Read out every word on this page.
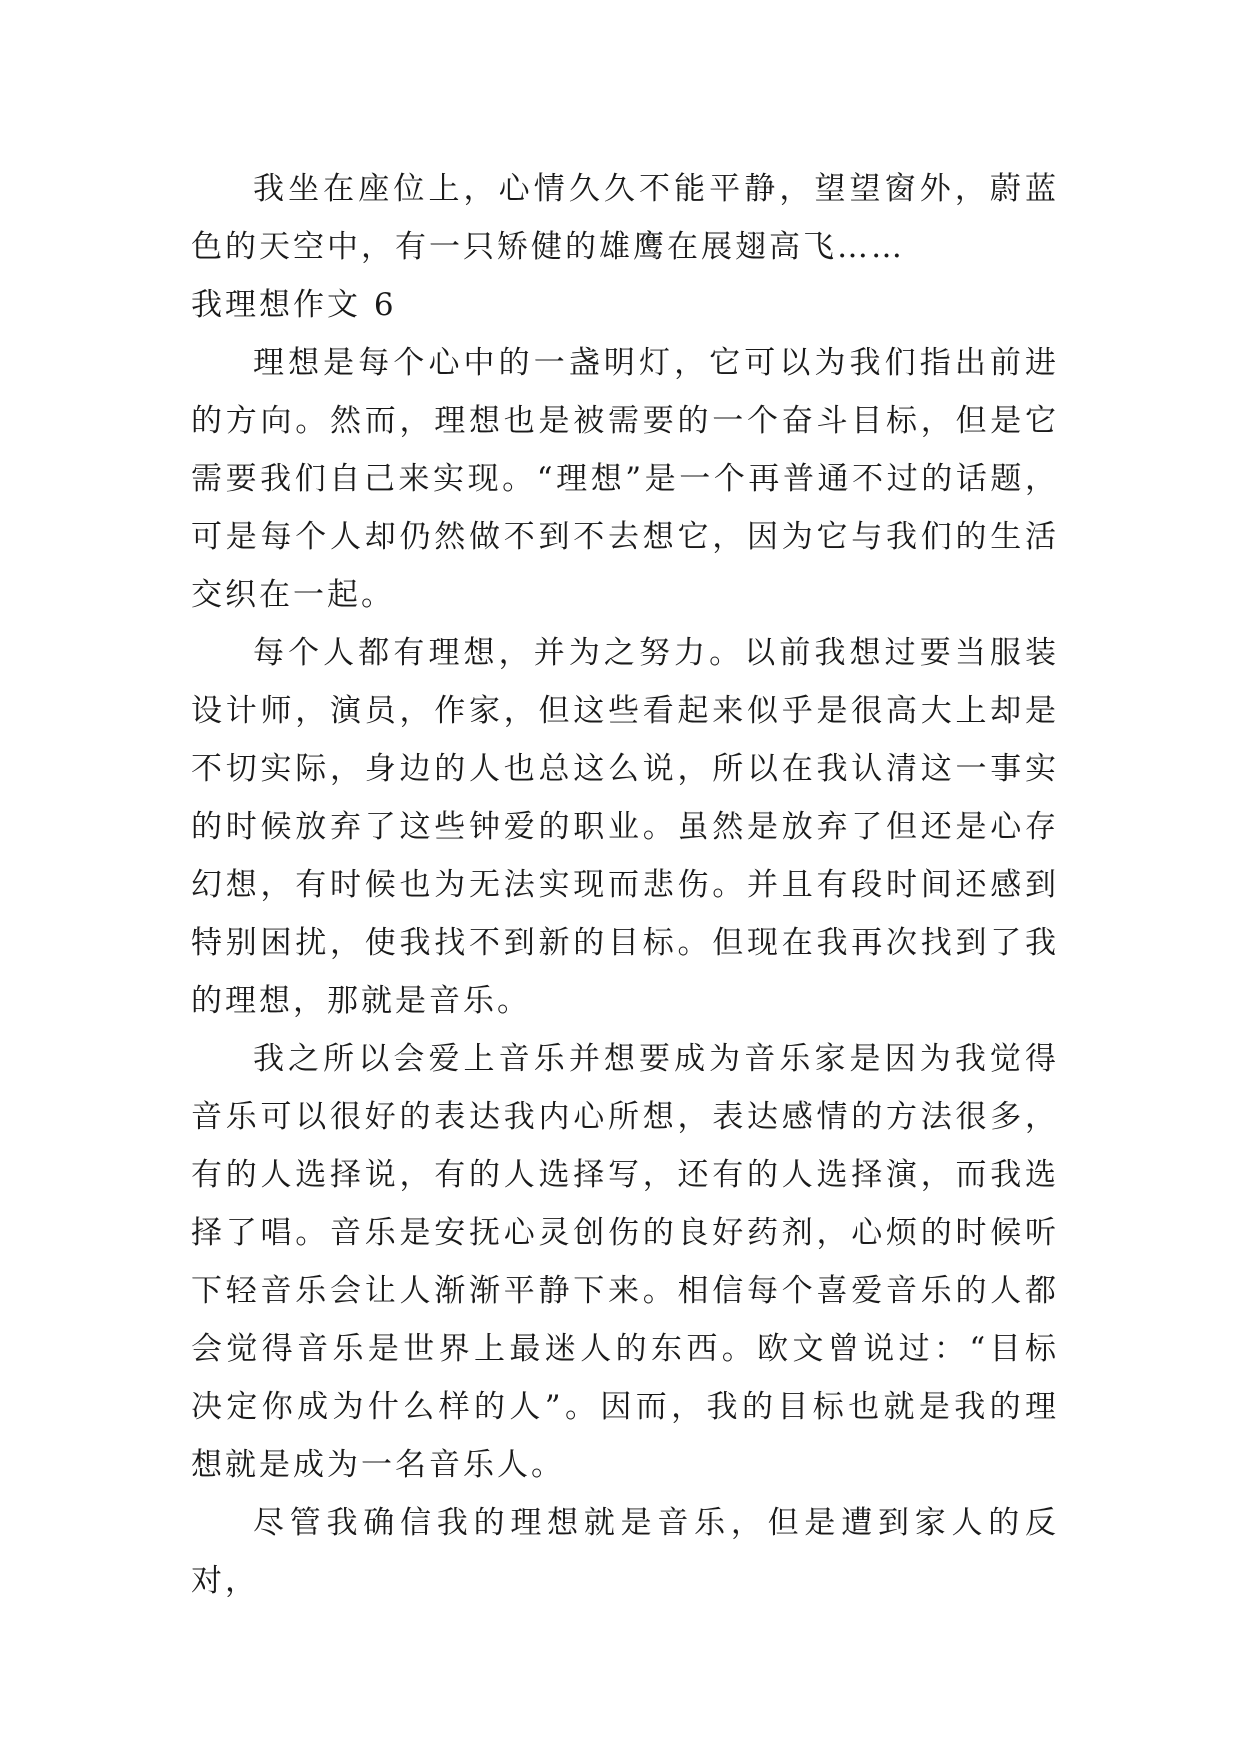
我坐在座位上，心情久久不能平静，望望窗外，蔚蓝色的天空中，有一只矫健的雄鹰在展翅高飞……

我理想作文 6

理想是每个心中的一盏明灯，它可以为我们指出前进的方向。然而，理想也是被需要的一个奋斗目标，但是它需要我们自己来实现。“理想”是一个再普通不过的话题，可是每个人却仍然做不到不去想它，因为它与我们的生活交织在一起。

每个人都有理想，并为之努力。以前我想过要当服装设计师，演员，作家，但这些看起来似乎是很高大上却是不切实际，身边的人也总这么说，所以在我认清这一事实的时候放弃了这些钟爱的职业。虽然是放弃了但还是心存幻想，有时候也为无法实现而悲伤。并且有段时间还感到特别困扰，使我找不到新的目标。但现在我再次找到了我的理想，那就是音乐。

我之所以会爱上音乐并想要成为音乐家是因为我觉得音乐可以很好的表达我内心所想，表达感情的方法很多，有的人选择说，有的人选择写，还有的人选择演，而我选择了唱。音乐是安抚心灵创伤的良好药剂，心烦的时候听下轻音乐会让人渐渐平静下来。相信每个喜爱音乐的人都会觉得音乐是世界上最迷人的东西。欧文曾说过：“目标决定你成为什么样的人”。因而，我的目标也就是我的理想就是成为一名音乐人。

尽管我确信我的理想就是音乐，但是遭到家人的反对，
